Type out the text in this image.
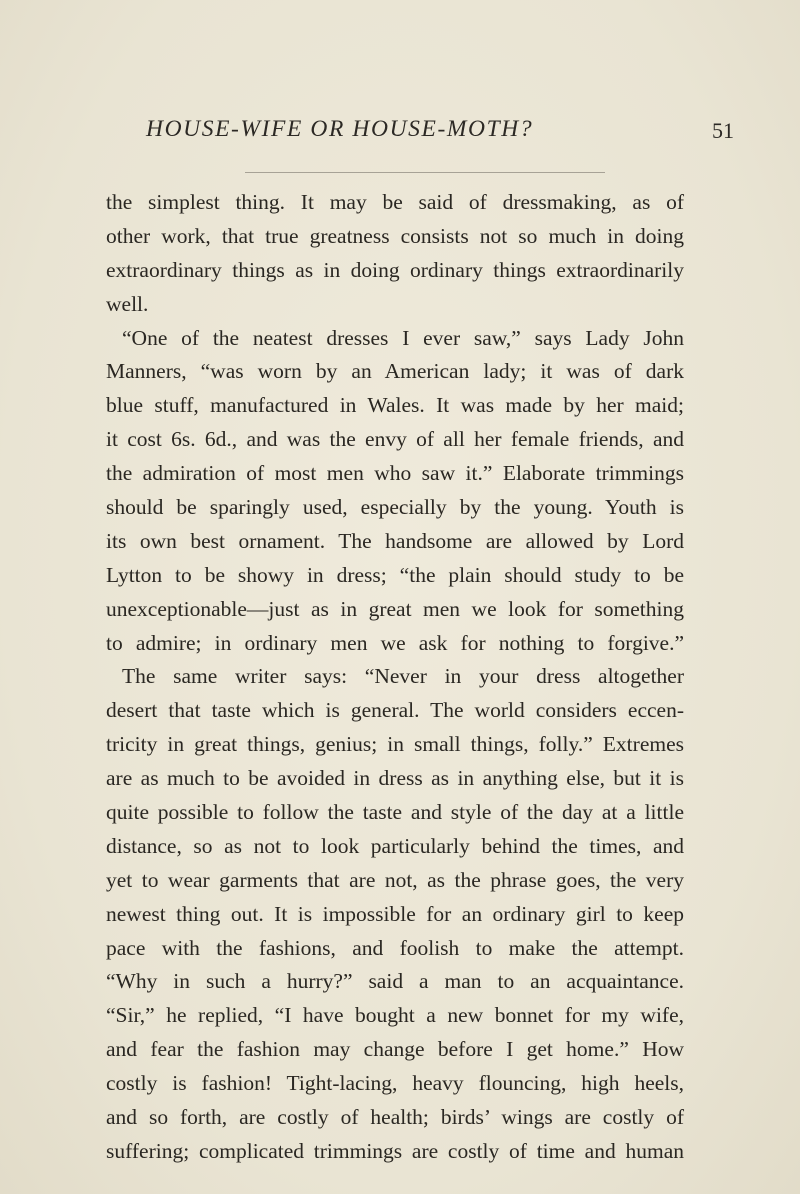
HOUSE-WIFE OR HOUSE-MOTH?	51
the simplest thing. It may be said of dressmaking, as of
other work, that true greatness consists not so much in doing
extraordinary things as in doing ordinary things extraordinarily
well.
“One of the neatest dresses I ever saw,” says Lady John
Manners, “was worn by an American lady; it was of dark
blue stuff, manufactured in Wales. It was made by her maid;
it cost 6s. 6d., and was the envy of all her female friends, and
the admiration of most men who saw it.” Elaborate trimmings
should be sparingly used, especially by the young. Youth is
its own best ornament. The handsome are allowed by Lord
Lytton to be showy in dress; “the plain should study to be
unexceptionable—just as in great men we look for something
to admire; in ordinary men we ask for nothing to forgive.”
The same writer says: “Never in your dress altogether
desert that taste which is general. The world considers eccen-
tricity in great things, genius; in small things, folly.” Extremes
are as much to be avoided in dress as in anything else, but it is
quite possible to follow the taste and style of the day at a little
distance, so as not to look particularly behind the times, and
yet to wear garments that are not, as the phrase goes, the very
newest thing out. It is impossible for an ordinary girl to keep
pace with the fashions, and foolish to make the attempt.
“Why in such a hurry?” said a man to an acquaintance.
“Sir,” he replied, “I have bought a new bonnet for my wife,
and fear the fashion may change before I get home.” How
costly is fashion! Tight-lacing, heavy flouncing, high heels,
and so forth, are costly of health; birds’ wings are costly of
suffering; complicated trimmings are costly of time and human
